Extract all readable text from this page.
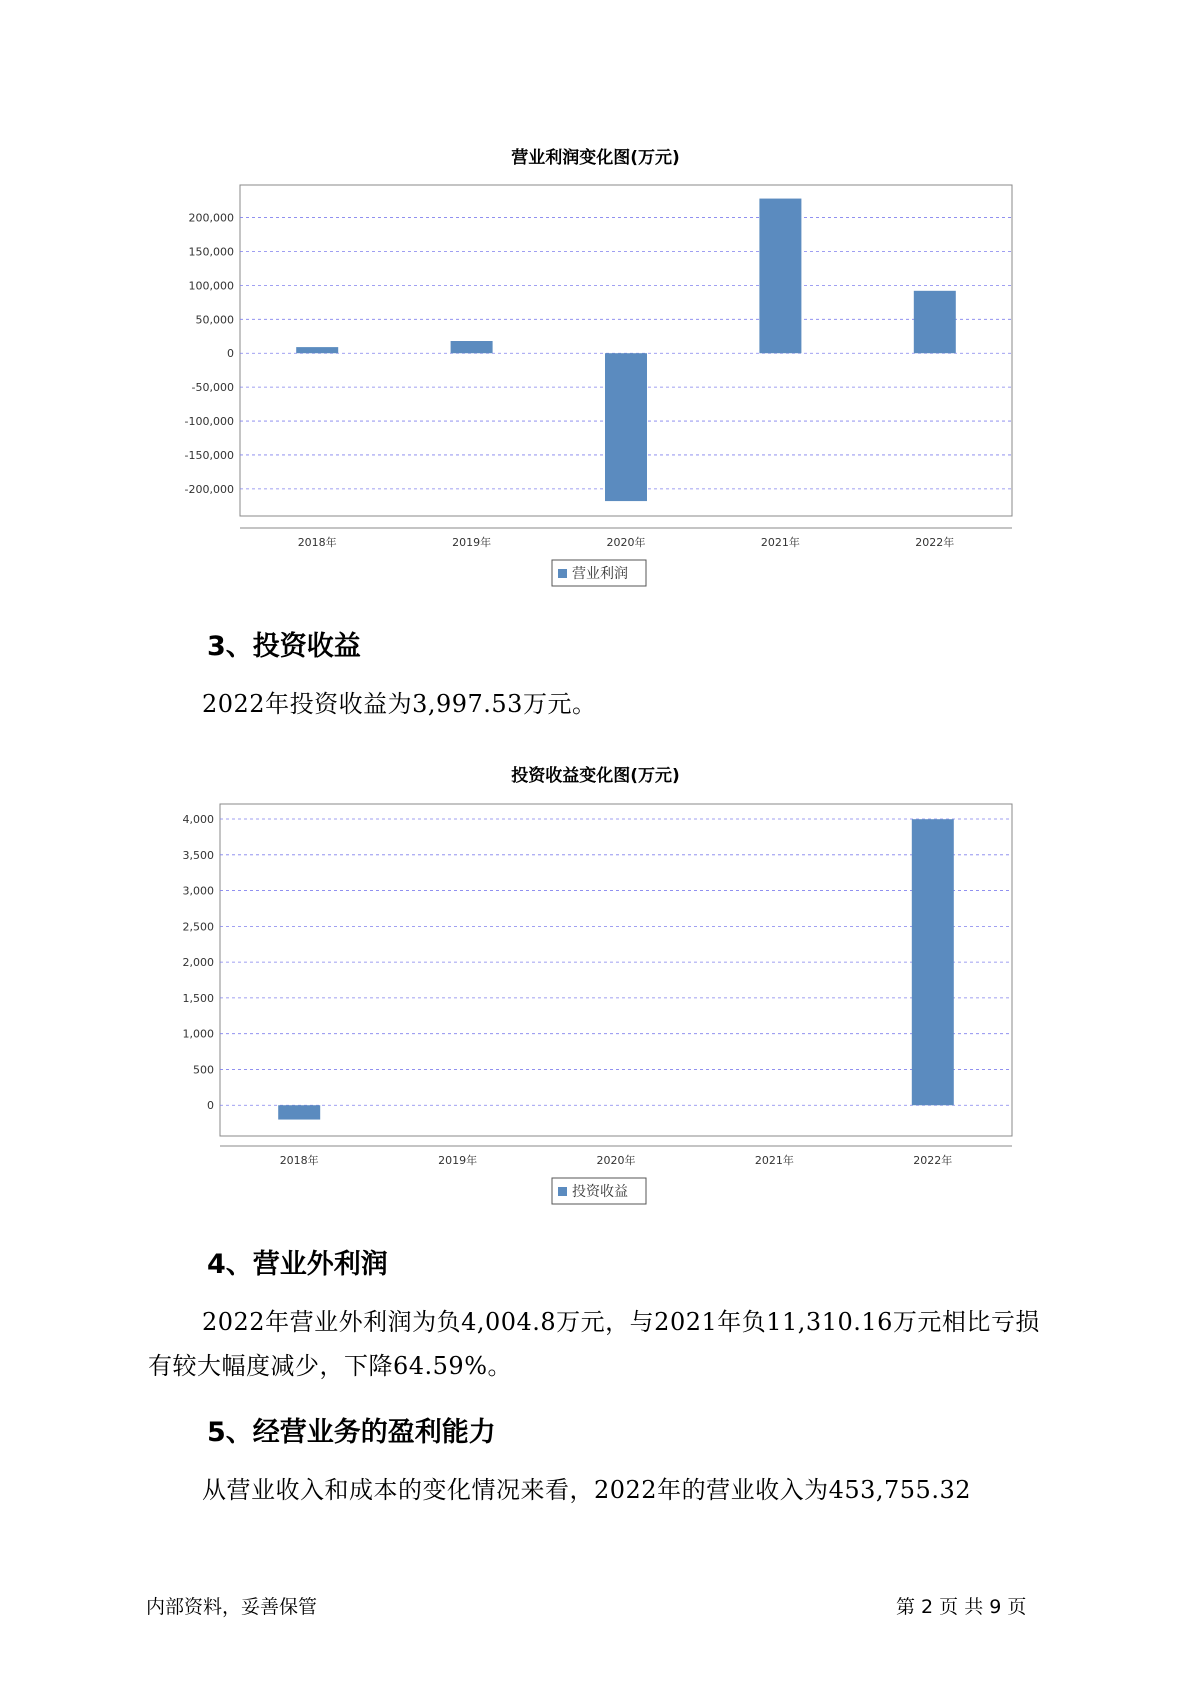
营业利润变化图(万元)
200,000
150,000
100,000
50,000
0
-50,000
-100,000
-150,000
-200,000
2018年	2019年	2020年	2021年	2022年
营业利润
3、投资收益

2022年投资收益为3,997.53万元。

投资收益变化图(万元)
4,000
3,500
3,000
2,500
2,000
1,500
1,000
500
0
2018年	2019年	2020年	2021年	2022年
投资收益
4、营业外利润

2022年营业外利润为负4,004.8万元，与2021年负11,310.16万元相比亏损有较大幅度减少，下降64.59%。

5、经营业务的盈利能力

从营业收入和成本的变化情况来看，2022年的营业收入为453,755.32

内部资料，妥善保管	第 2 页 共 9 页
